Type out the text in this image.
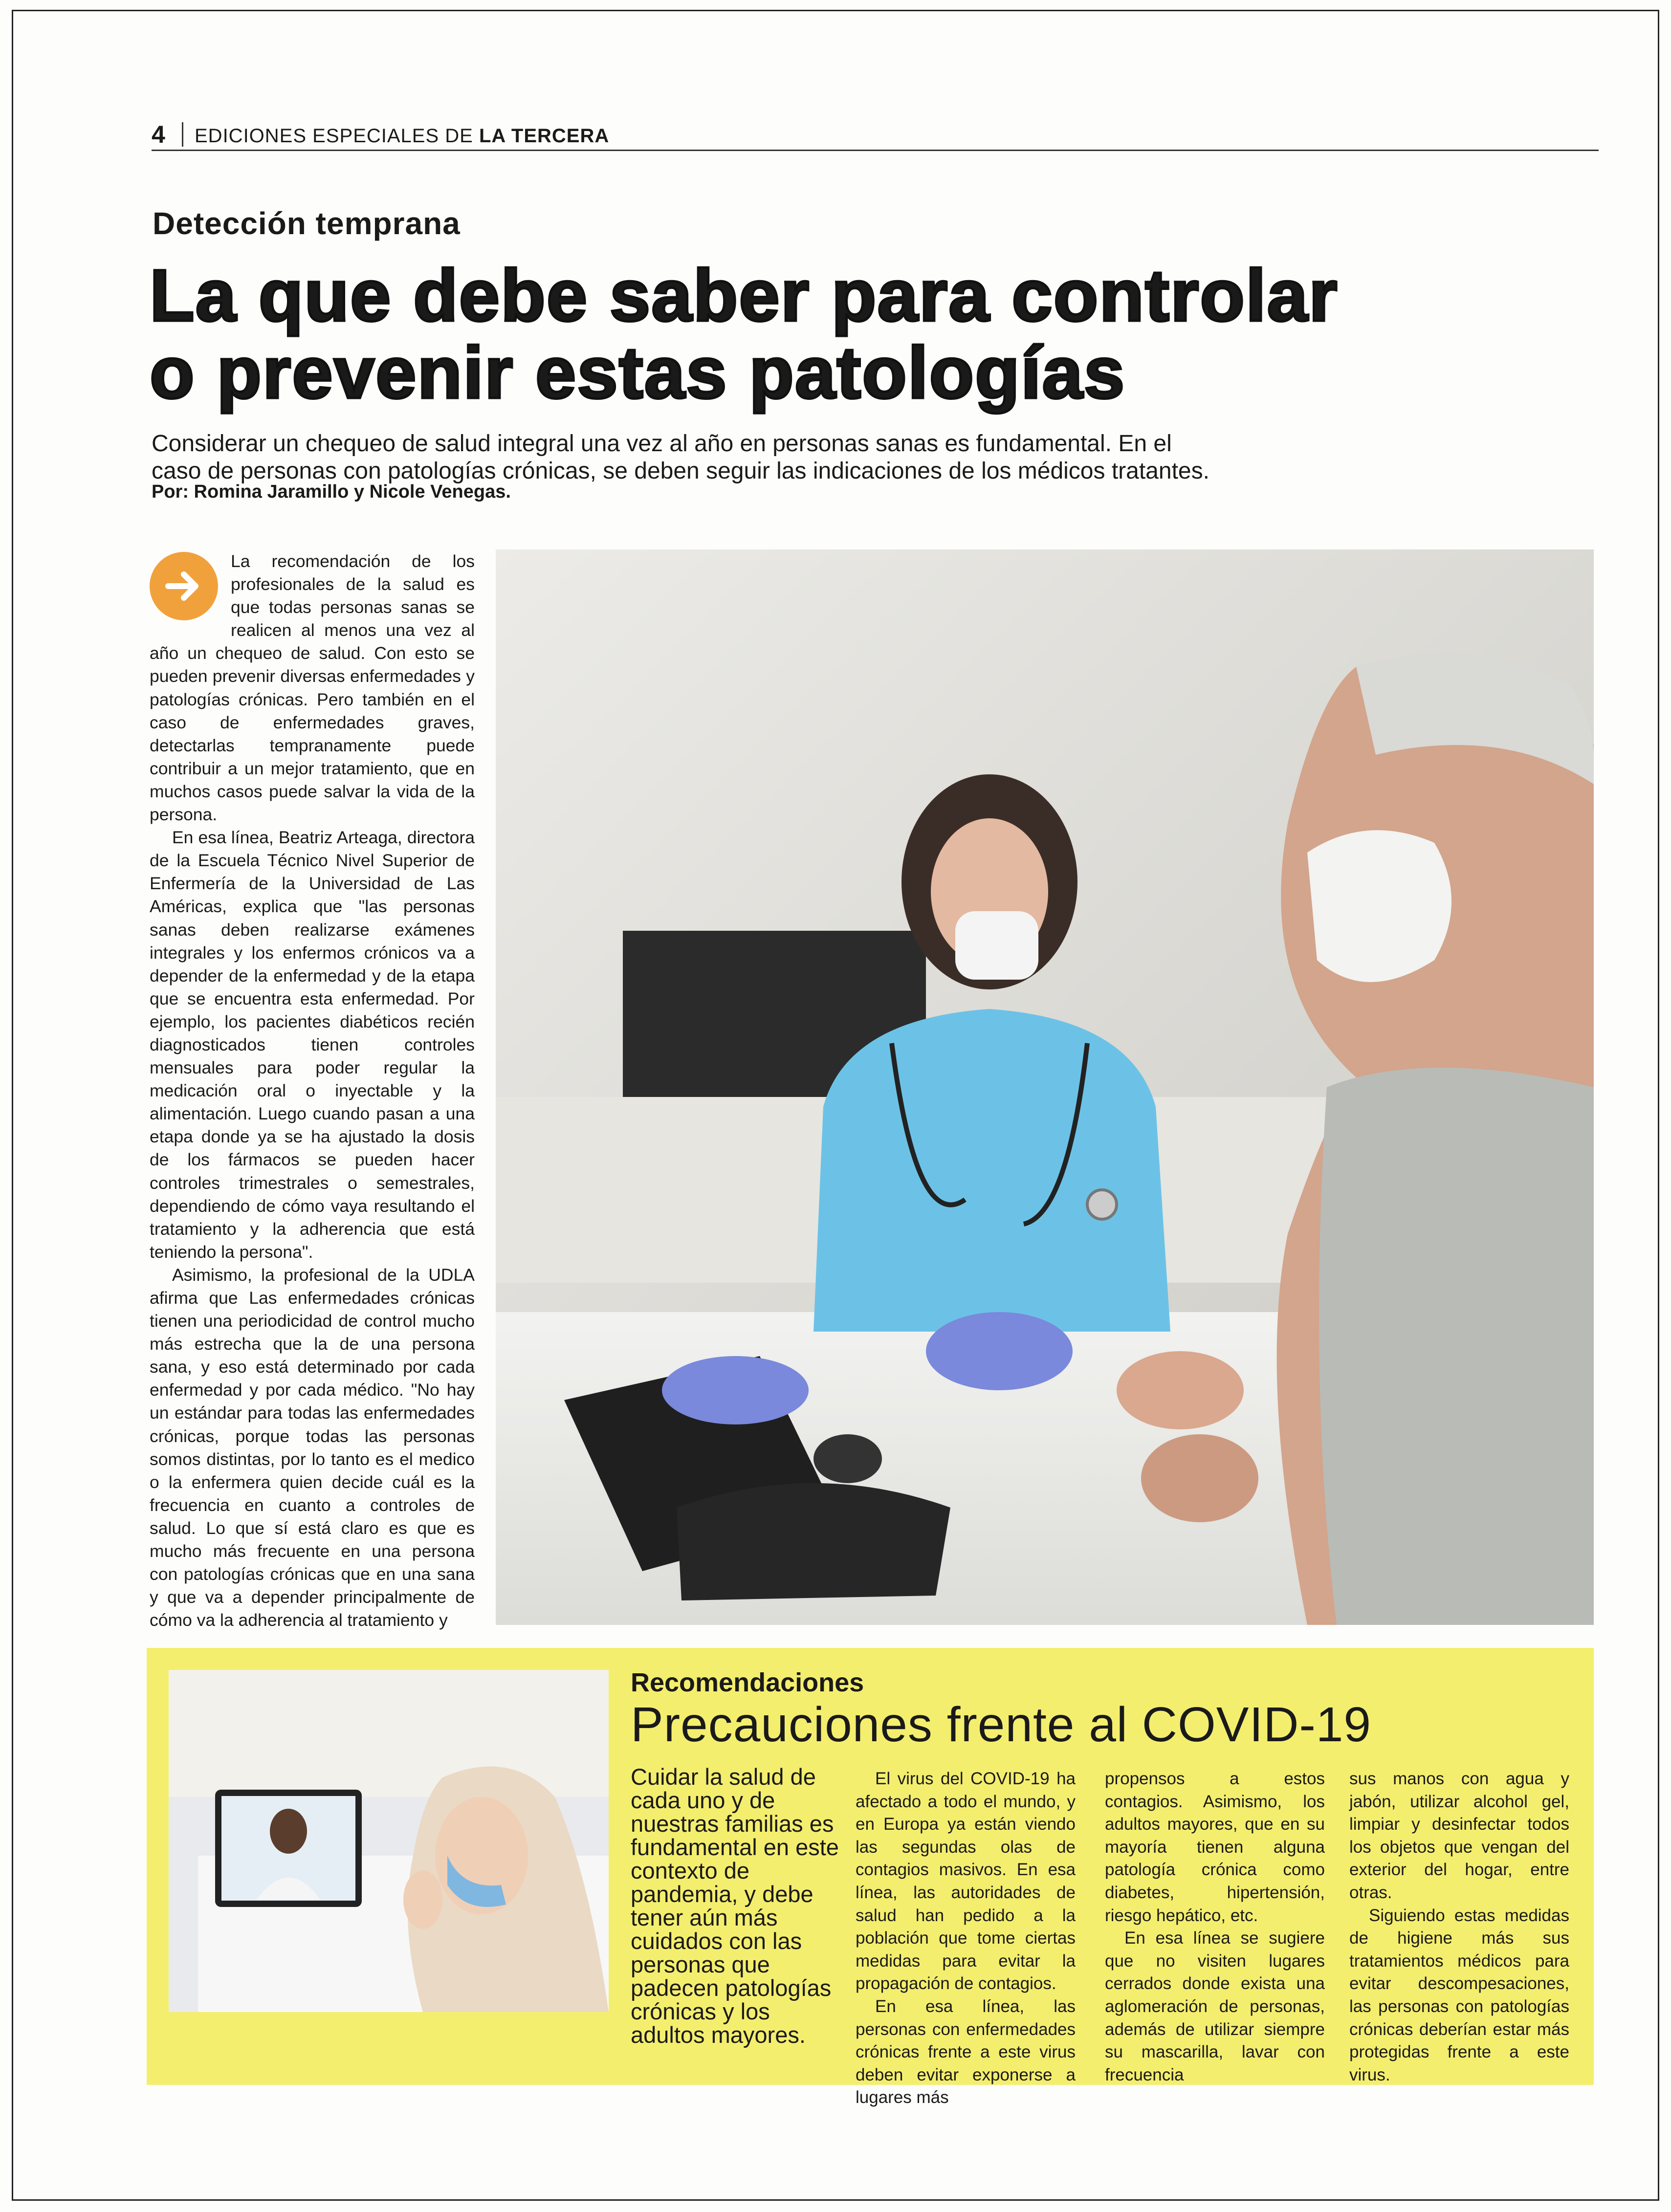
4 EDICIONES ESPECIALES DE LA TERCERA
Detección temprana
La que debe saber para controlar
o prevenir estas patologías
Considerar un chequeo de salud integral una vez al año en personas sanas es fundamental. En el caso de personas con patologías crónicas, se deben seguir las indicaciones de los médicos tratantes.
Por: Romina Jaramillo y Nicole Venegas.

La recomendación de los profesionales de la salud es que todas personas sanas se realicen al menos una vez al año un chequeo de salud. Con esto se pueden prevenir diversas enfermedades y patologías crónicas. Pero también en el caso de enfermedades graves, detectarlas tempranamente puede contribuir a un mejor tratamiento, que en muchos casos puede salvar la vida de la persona.

En esa línea, Beatriz Arteaga, directora de la Escuela Técnico Nivel Superior de Enfermería de la Universidad de Las Américas, explica que "las personas sanas deben realizarse exámenes integrales y los enfermos crónicos va a depender de la enfermedad y de la etapa que se encuentra esta enfermedad. Por ejemplo, los pacientes diabéticos recién diagnosticados tienen controles mensuales para poder regular la medicación oral o inyectable y la alimentación. Luego cuando pasan a una etapa donde ya se ha ajustado la dosis de los fármacos se pueden hacer controles trimestrales o semestrales, dependiendo de cómo vaya resultando el tratamiento y la adherencia que está teniendo la persona".

Asimismo, la profesional de la UDLA afirma que Las enfermedades crónicas tienen una periodicidad de control mucho más estrecha que la de una persona sana, y eso está determinado por cada enfermedad y por cada médico. "No hay un estándar para todas las enfermedades crónicas, porque todas las personas somos distintas, por lo tanto es el medico o la enfermera quien decide cuál es la frecuencia en cuanto a controles de salud. Lo que sí está claro es que es mucho más frecuente en una persona con patologías crónicas que en una sana y que va a depender principalmente de cómo va la adherencia al tratamiento y

Recomendaciones
Precauciones frente al COVID-19
Cuidar la salud de cada uno y de nuestras familias es fundamental en este contexto de pandemia, y debe tener aún más cuidados con las personas que padecen patologías crónicas y los adultos mayores.

El virus del COVID-19 ha afectado a todo el mundo, y en Europa ya están viendo las segundas olas de contagios masivos. En esa línea, las autoridades de salud han pedido a la población que tome ciertas medidas para evitar la propagación de contagios.

En esa línea, las personas con enfermedades crónicas frente a este virus deben evitar exponerse a lugares más

propensos a estos contagios. Asimismo, los adultos mayores, que en su mayoría tienen alguna patología crónica como diabetes, hipertensión, riesgo hepático, etc.

En esa línea se sugiere que no visiten lugares cerrados donde exista una aglomeración de personas, además de utilizar siempre su mascarilla, lavar con frecuencia

sus manos con agua y jabón, utilizar alcohol gel, limpiar y desinfectar todos los objetos que vengan del exterior del hogar, entre otras.

Siguiendo estas medidas de higiene más sus tratamientos médicos para evitar descompesaciones, las personas con patologías crónicas deberían estar más protegidas frente a este virus.
